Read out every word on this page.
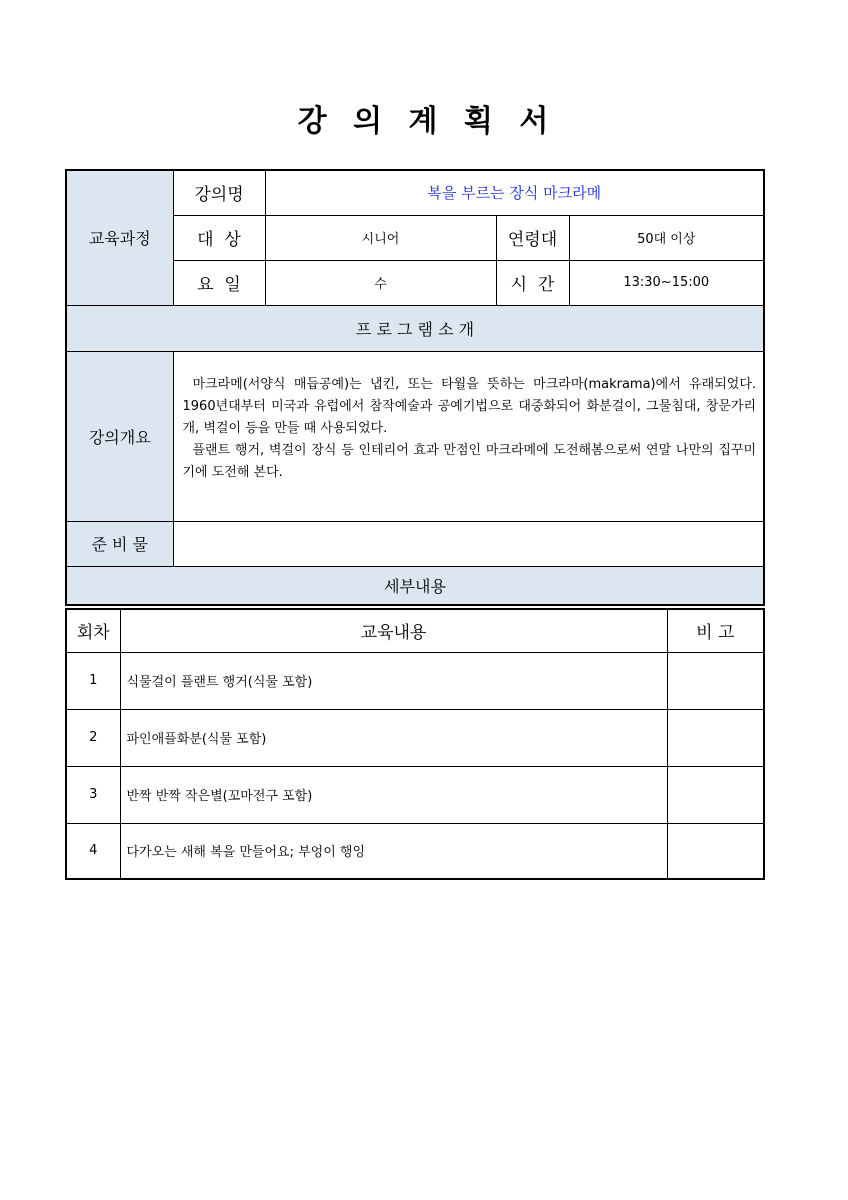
강 의 계 획 서
교육과정	강의명	복을 부르는 장식 마크라메		
	대  상	시니어	연령대	50대 이상
	요  일	수	시  간	13:30~15:00
프 로 그 램 소 개				
강의개요	마크라메(서양식 매듭공예)는 냅킨, 또는 타월을 뜻하는 마크라마(makrama)에서 유래되었다. 1960년대부터 미국과 유럽에서 참작예술과 공예기법으로 대중화되어 화분걸이, 그물침대, 창문가리개, 벽걸이 등을 만들 때 사용되었다.

플랜트 행거, 벽걸이 장식 등 인테리어 효과 만점인 마크라메에 도전해봄으로써 연말 나만의 집꾸미기에 도전해 본다.			

준 비 물				
세부내용				
회차	교육내용	비 고
1	식물걸이 플랜트 행거(식물 포함)	
2	파인애플화분(식물 포함)	
3	반짝 반짝 작은별(꼬마전구 포함)	
4	다가오는 새해 복을 만들어요; 부엉이 행잉	
